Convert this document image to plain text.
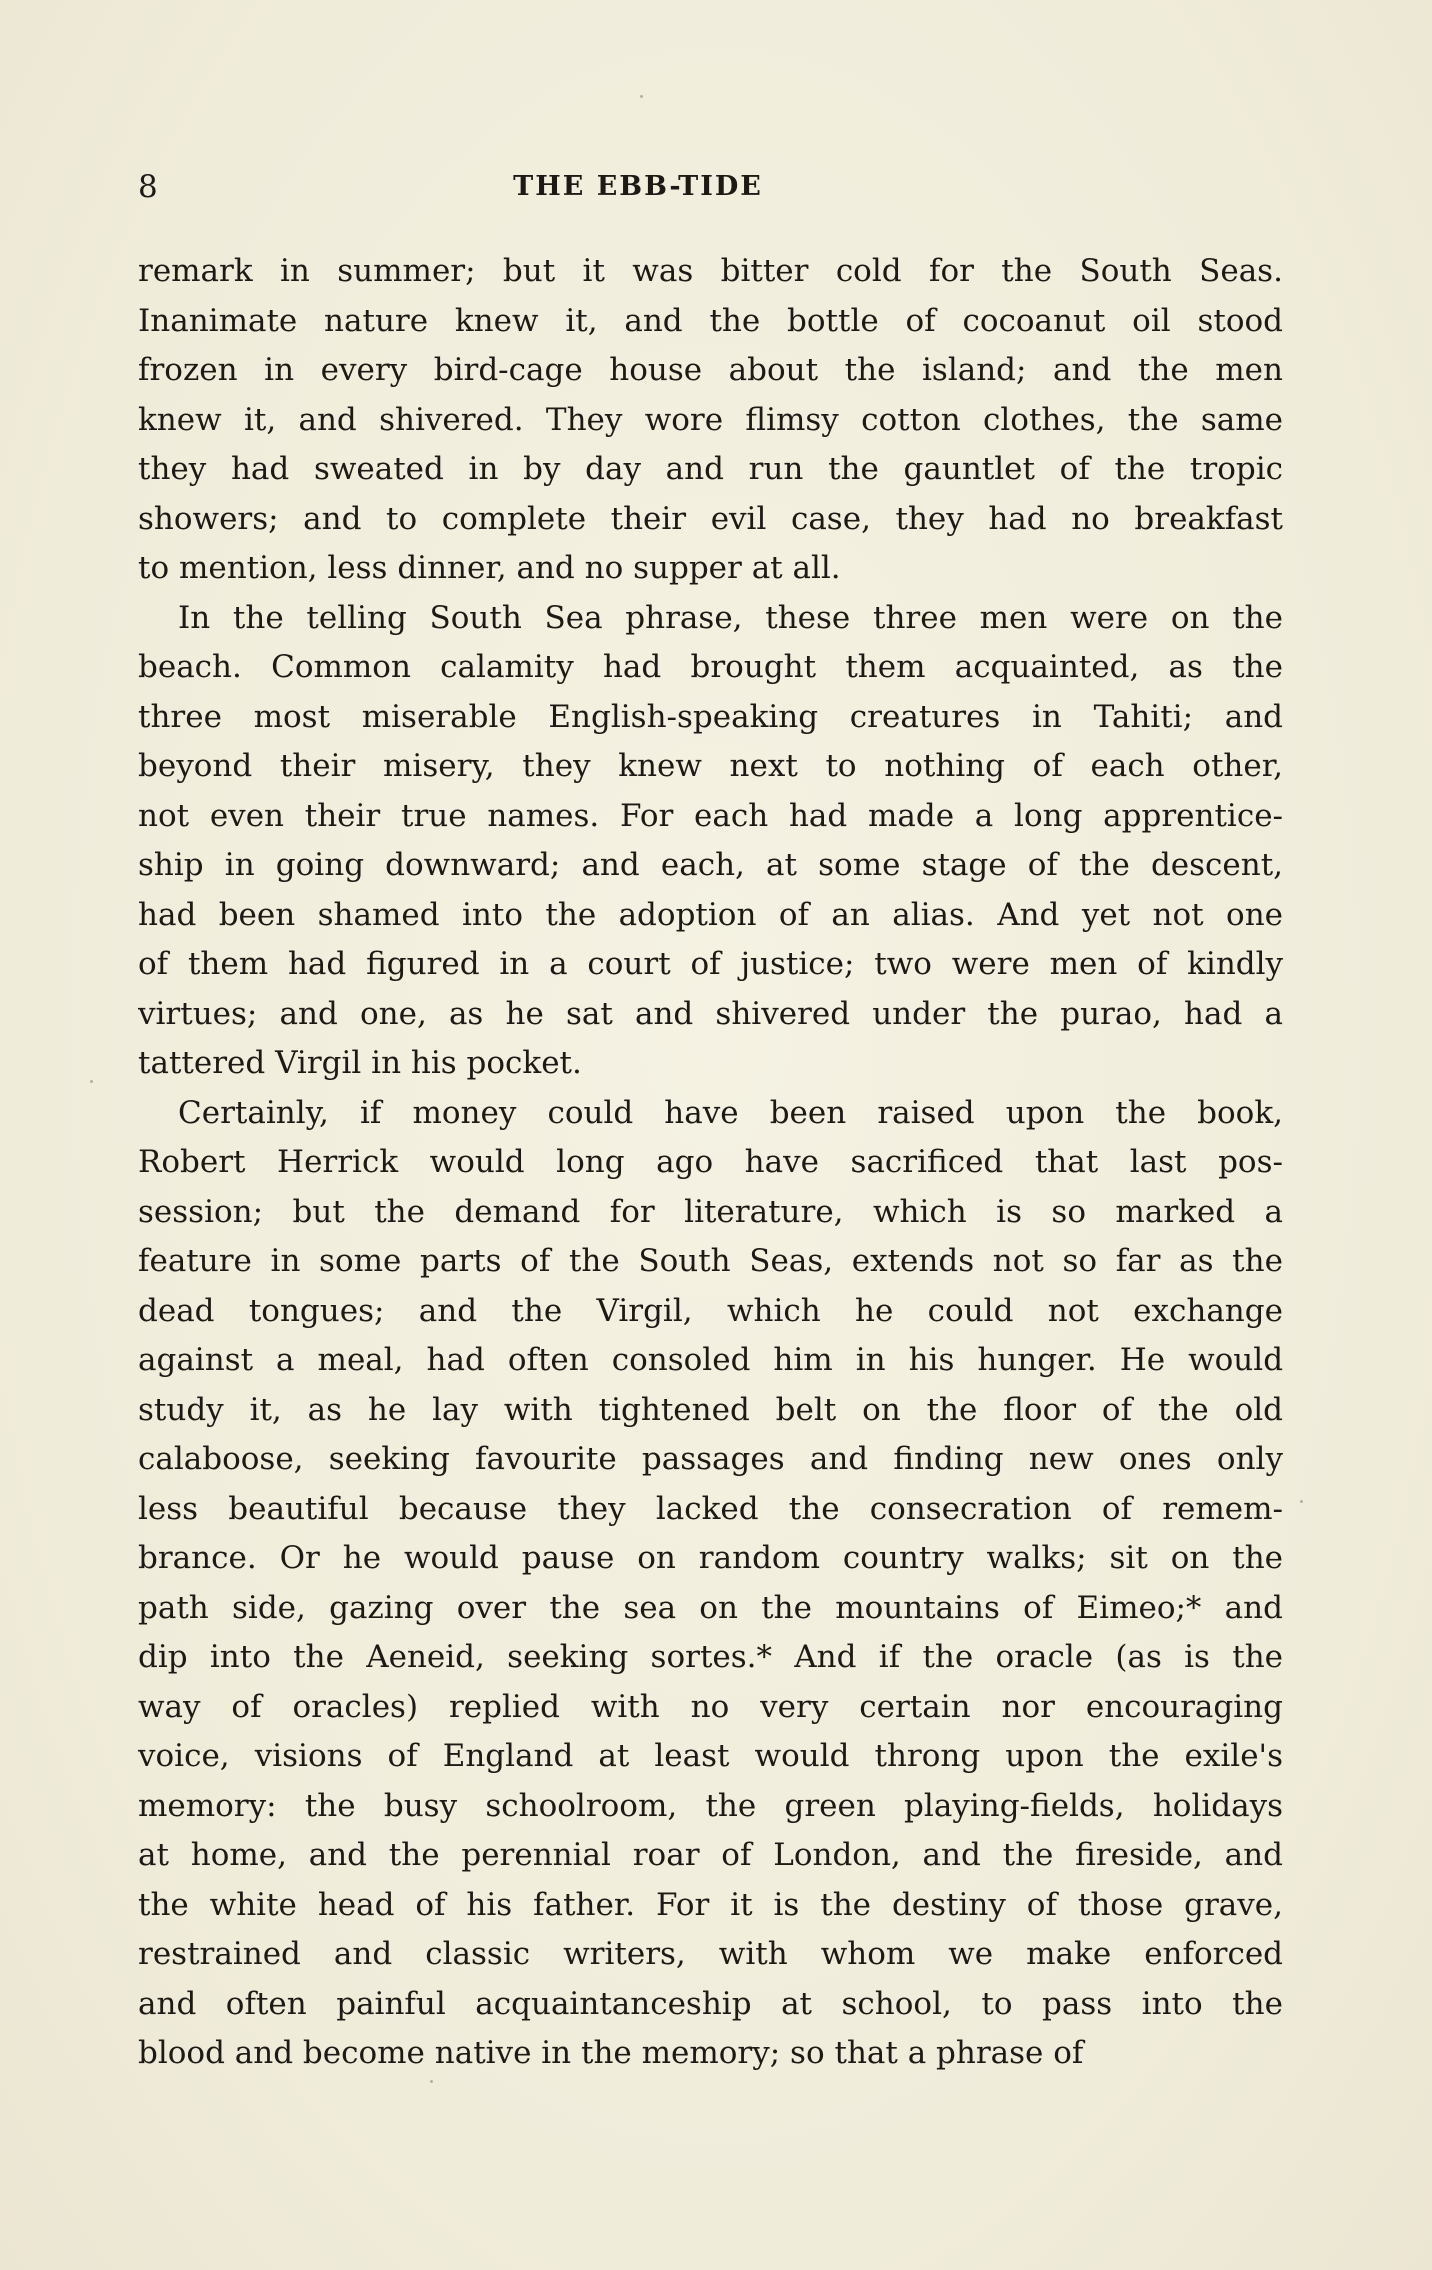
8	THE EBB-TIDE
remark in summer; but it was bitter cold for the South Seas.
Inanimate nature knew it, and the bottle of cocoanut oil stood
frozen in every bird-cage house about the island; and the men
knew it, and shivered. They wore flimsy cotton clothes, the same
they had sweated in by day and run the gauntlet of the tropic
showers; and to complete their evil case, they had no breakfast
to mention, less dinner, and no supper at all.
In the telling South Sea phrase, these three men were on the
beach. Common calamity had brought them acquainted, as the
three most miserable English-speaking creatures in Tahiti; and
beyond their misery, they knew next to nothing of each other,
not even their true names. For each had made a long apprentice-
ship in going downward; and each, at some stage of the descent,
had been shamed into the adoption of an alias. And yet not one
of them had figured in a court of justice; two were men of kindly
virtues; and one, as he sat and shivered under the purao, had a
tattered Virgil in his pocket.
Certainly, if money could have been raised upon the book,
Robert Herrick would long ago have sacrificed that last pos-
session; but the demand for literature, which is so marked a
feature in some parts of the South Seas, extends not so far as the
dead tongues; and the Virgil, which he could not exchange
against a meal, had often consoled him in his hunger. He would
study it, as he lay with tightened belt on the floor of the old
calaboose, seeking favourite passages and finding new ones only
less beautiful because they lacked the consecration of remem-
brance. Or he would pause on random country walks; sit on the
path side, gazing over the sea on the mountains of Eimeo;* and
dip into the Aeneid, seeking sortes.* And if the oracle (as is the
way of oracles) replied with no very certain nor encouraging
voice, visions of England at least would throng upon the exile's
memory: the busy schoolroom, the green playing-fields, holidays
at home, and the perennial roar of London, and the fireside, and
the white head of his father. For it is the destiny of those grave,
restrained and classic writers, with whom we make enforced
and often painful acquaintanceship at school, to pass into the
blood and become native in the memory; so that a phrase of
